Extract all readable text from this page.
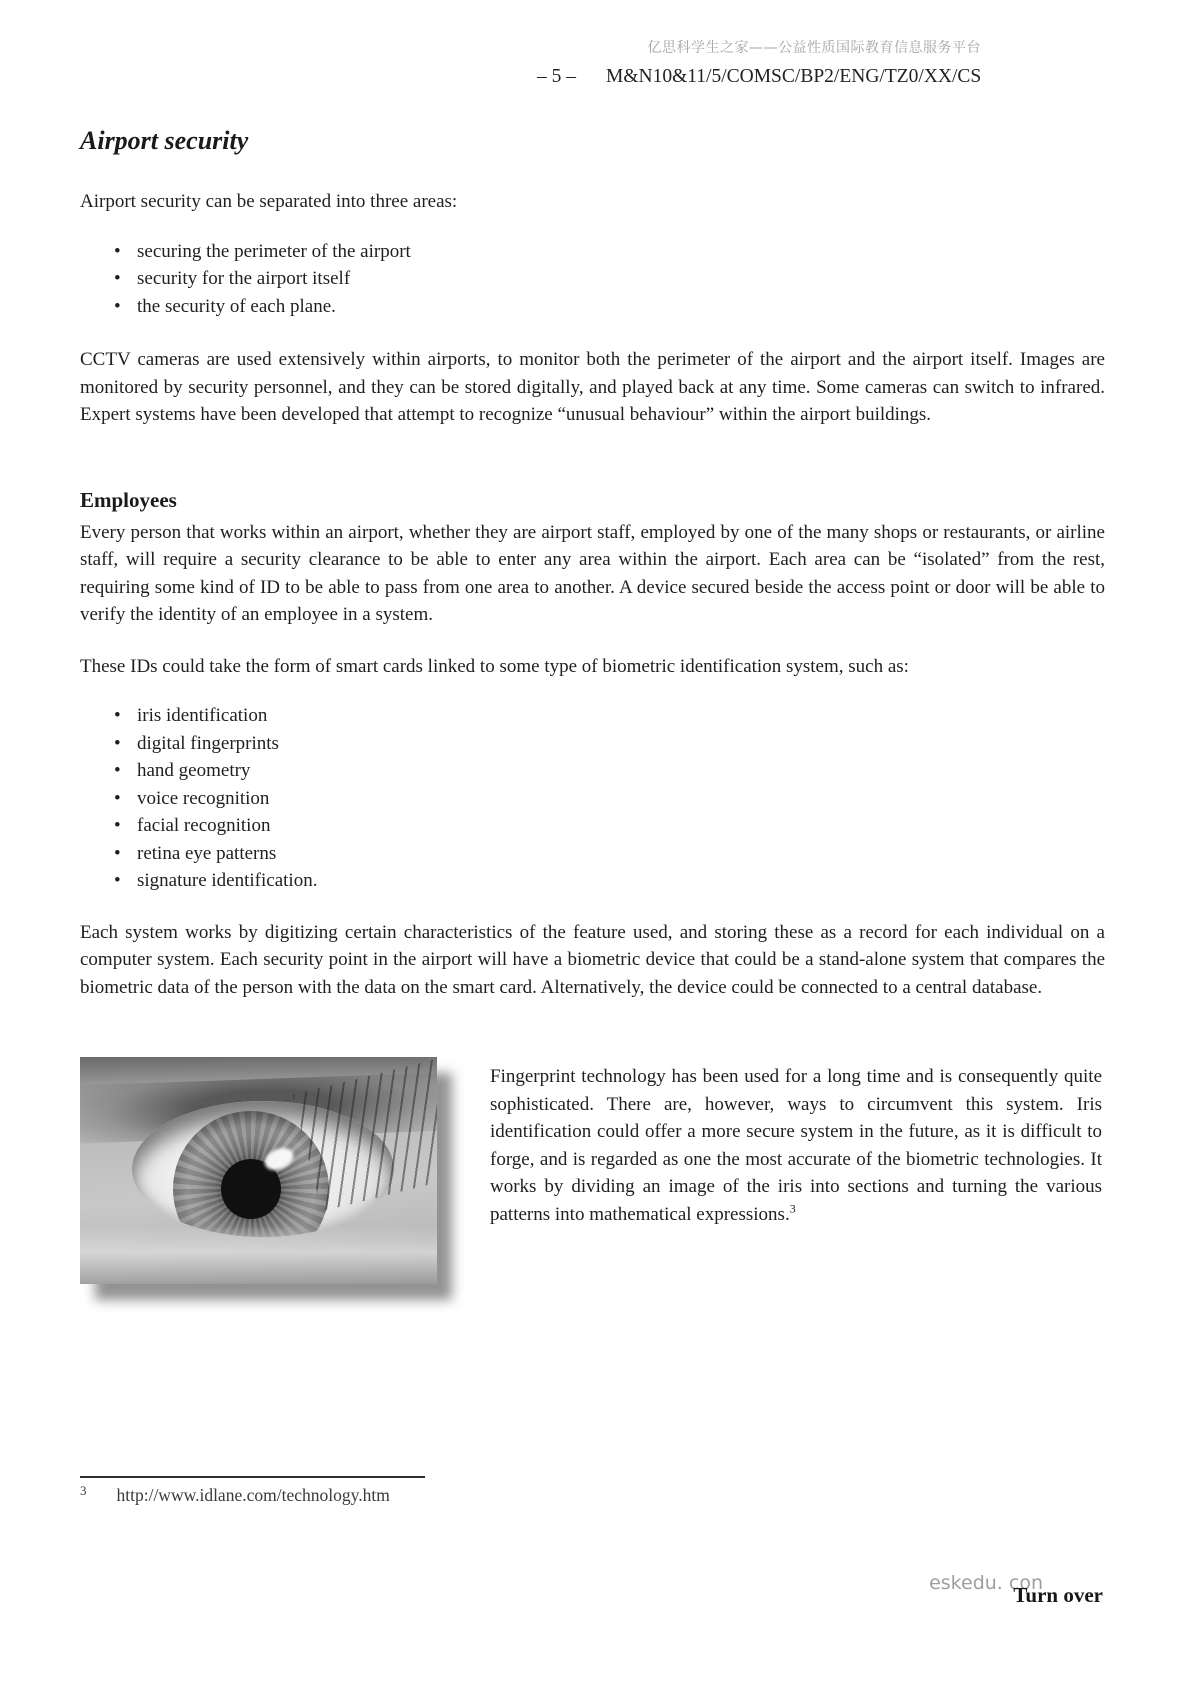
亿思科学生之家——公益性质国际教育信息服务平台
– 5 – M&N10&11/5/COMSC/BP2/ENG/TZ0/XX/CS
Airport security

Airport security can be separated into three areas:

• securing the perimeter of the airport
• security for the airport itself
• the security of each plane.

CCTV cameras are used extensively within airports, to monitor both the perimeter of the airport and the airport itself. Images are monitored by security personnel, and they can be stored digitally, and played back at any time. Some cameras can switch to infrared. Expert systems have been developed that attempt to recognize “unusual behaviour” within the airport buildings.

Employees

Every person that works within an airport, whether they are airport staff, employed by one of the many shops or restaurants, or airline staff, will require a security clearance to be able to enter any area within the airport. Each area can be “isolated” from the rest, requiring some kind of ID to be able to pass from one area to another. A device secured beside the access point or door will be able to verify the identity of an employee in a system.

These IDs could take the form of smart cards linked to some type of biometric identification system, such as:

• iris identification
• digital fingerprints
• hand geometry
• voice recognition
• facial recognition
• retina eye patterns
• signature identification.

Each system works by digitizing certain characteristics of the feature used, and storing these as a record for each individual on a computer system. Each security point in the airport will have a biometric device that could be a stand-alone system that compares the biometric data of the person with the data on the smart card. Alternatively, the device could be connected to a central database.

Fingerprint technology has been used for a long time and is consequently quite sophisticated. There are, however, ways to circumvent this system. Iris identification could offer a more secure system in the future, as it is difficult to forge, and is regarded as one the most accurate of the biometric technologies. It works by dividing an image of the iris into sections and turning the various patterns into mathematical expressions.$^3$

3 http://www.idlane.com/technology.htm
eskedu. con
Turn over
